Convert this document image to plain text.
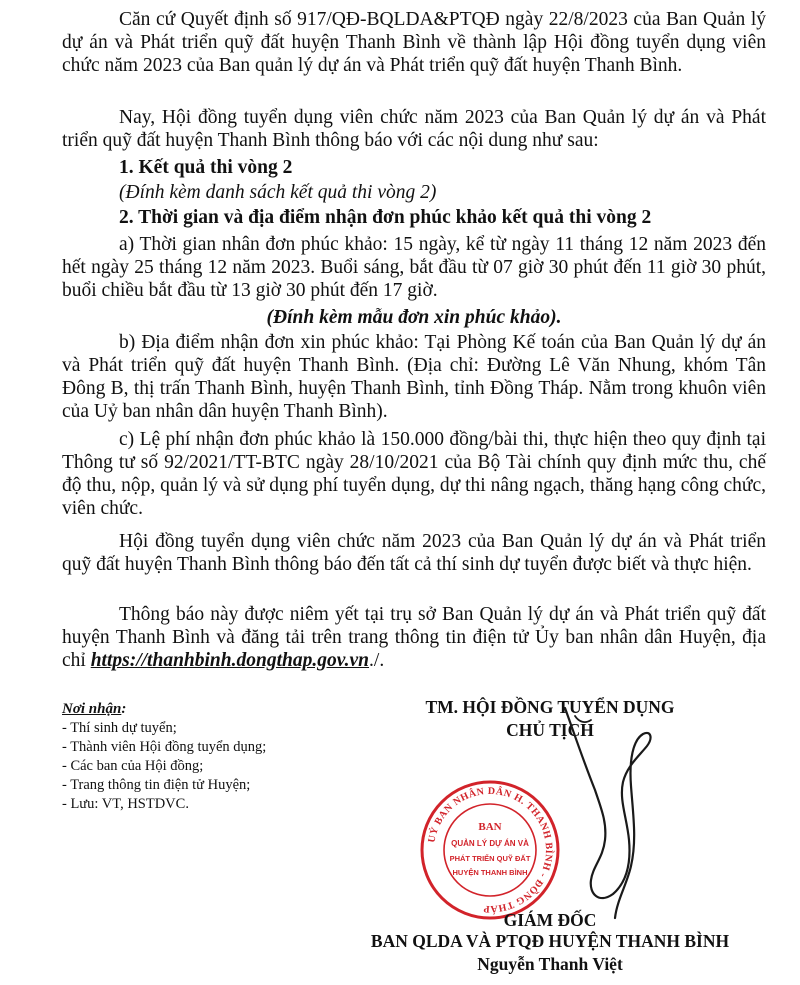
Căn cứ Quyết định số 917/QĐ-BQLDA&PTQĐ ngày 22/8/2023 của Ban Quản lý dự án và Phát triển quỹ đất huyện Thanh Bình về thành lập Hội đồng tuyển dụng viên chức năm 2023 của Ban quản lý dự án và Phát triển quỹ đất huyện Thanh Bình.

Nay, Hội đồng tuyển dụng viên chức năm 2023 của Ban Quản lý dự án và Phát triển quỹ đất huyện Thanh Bình thông báo với các nội dung như sau:

1. Kết quả thi vòng 2

(Đính kèm danh sách kết quả thi vòng 2)

2. Thời gian và địa điểm nhận đơn phúc khảo kết quả thi vòng 2

a) Thời gian nhân đơn phúc khảo: 15 ngày, kể từ ngày 11 tháng 12 năm 2023 đến hết ngày 25 tháng 12 năm 2023. Buổi sáng, bắt đầu từ 07 giờ 30 phút đến 11 giờ 30 phút, buổi chiều bắt đầu từ 13 giờ 30 phút đến 17 giờ.

(Đính kèm mẫu đơn xin phúc khảo).

b) Địa điểm nhận đơn xin phúc khảo: Tại Phòng Kế toán của Ban Quản lý dự án và Phát triển quỹ đất huyện Thanh Bình. (Địa chỉ: Đường Lê Văn Nhung, khóm Tân Đông B, thị trấn Thanh Bình, huyện Thanh Bình, tỉnh Đồng Tháp. Nằm trong khuôn viên của Uỷ ban nhân dân huyện Thanh Bình).

c) Lệ phí nhận đơn phúc khảo là 150.000 đồng/bài thi, thực hiện theo quy định tại Thông tư số 92/2021/TT-BTC ngày 28/10/2021 của Bộ Tài chính quy định mức thu, chế độ thu, nộp, quản lý và sử dụng phí tuyển dụng, dự thi nâng ngạch, thăng hạng công chức, viên chức.

Hội đồng tuyển dụng viên chức năm 2023 của Ban Quản lý dự án và Phát triển quỹ đất huyện Thanh Bình thông báo đến tất cả thí sinh dự tuyển được biết và thực hiện.

Thông báo này được niêm yết tại trụ sở Ban Quản lý dự án và Phát triển quỹ đất huyện Thanh Bình và đăng tải trên trang thông tin điện tử Ủy ban nhân dân Huyện, địa chỉ https://thanhbinh.dongthap.gov.vn./.

Nơi nhận:
- Thí sinh dự tuyển;
- Thành viên Hội đồng tuyển dụng;
- Các ban của Hội đồng;
- Trang thông tin điện tử Huyện;
- Lưu: VT, HSTDVC.
TM. HỘI ĐỒNG TUYỂN DỤNG
CHỦ TỊCH
UỶ BAN NHÂN DÂN H. THANH BÌNH - ĐỒNG THÁP
BAN
QUẢN LÝ DỰ ÁN VÀ
PHÁT TRIỂN QUỸ ĐẤT
HUYỆN THANH BÌNH
GIÁM ĐỐC
BAN QLDA VÀ PTQĐ HUYỆN THANH BÌNH
Nguyễn Thanh Việt
